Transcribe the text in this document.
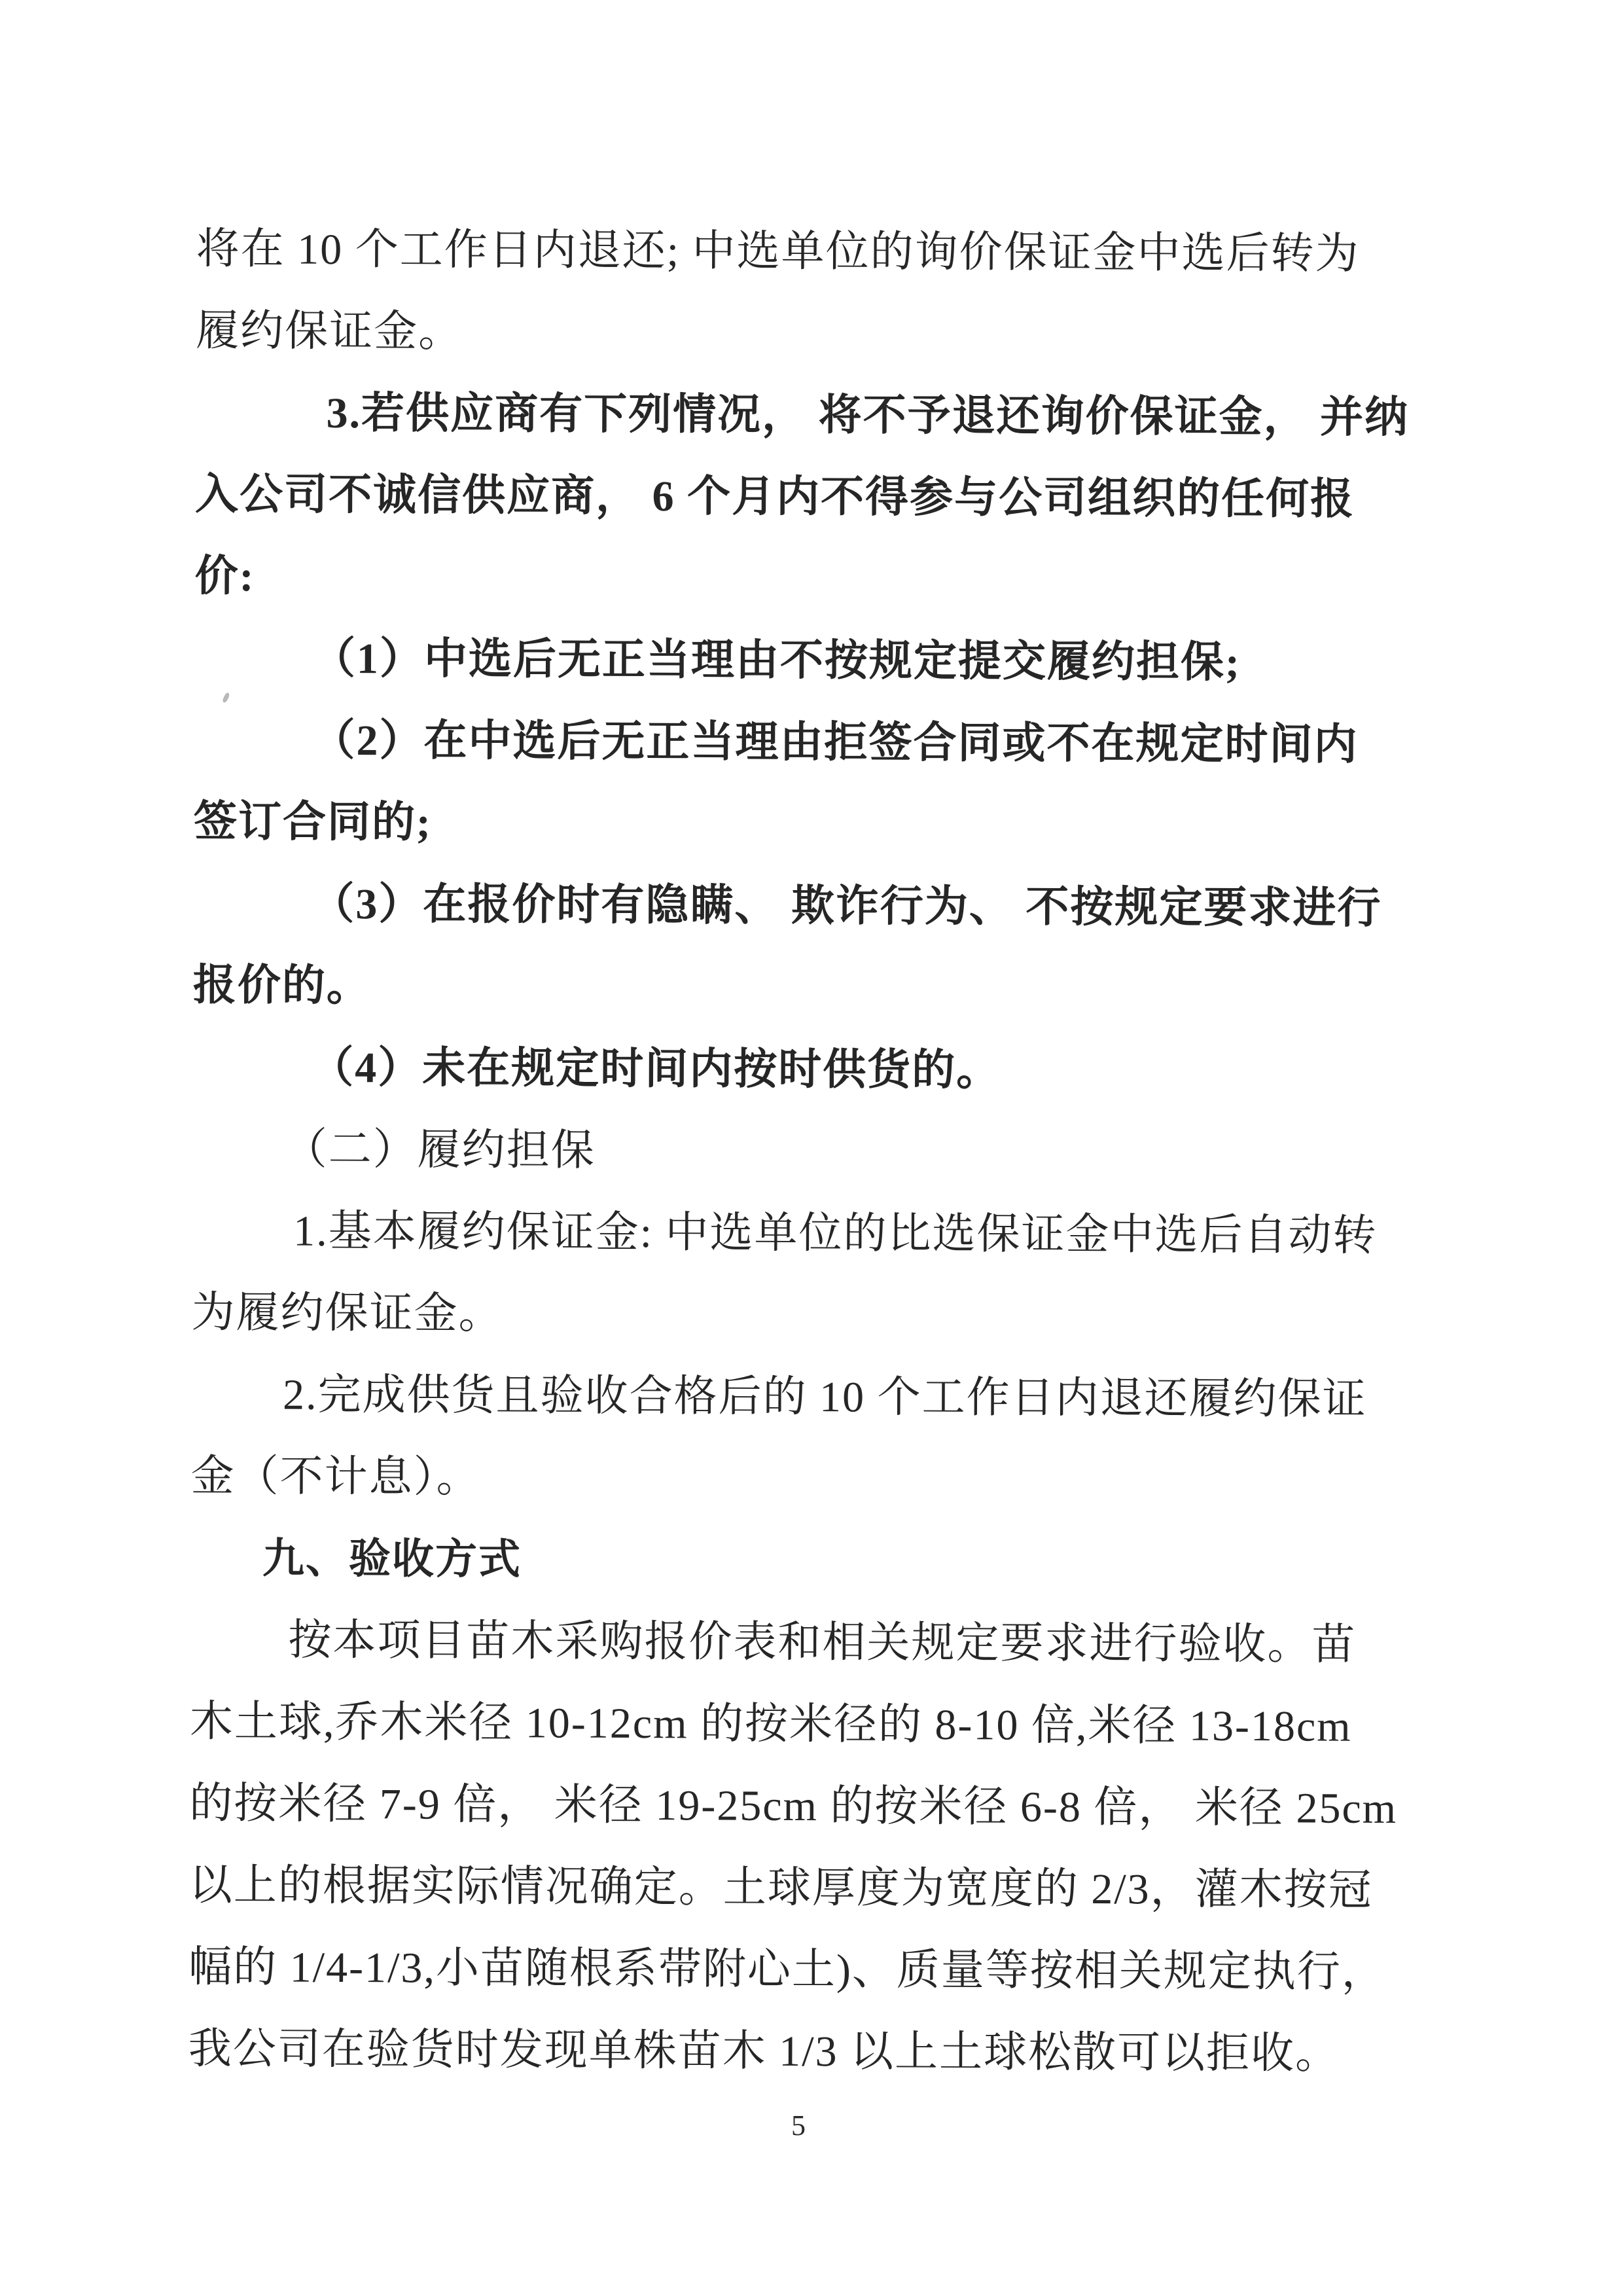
将在 10 个工作日内退还; 中选单位的询价保证金中选后转为
履约保证金。
3.若供应商有下列情况， 将不予退还询价保证金， 并纳
入公司不诚信供应商， 6 个月内不得参与公司组织的任何报
价:
（1）中选后无正当理由不按规定提交履约担保;
（2）在中选后无正当理由拒签合同或不在规定时间内
签订合同的;
（3）在报价时有隐瞒、 欺诈行为、 不按规定要求进行
报价的。
（4）未在规定时间内按时供货的。
（二）履约担保
1.基本履约保证金: 中选单位的比选保证金中选后自动转
为履约保证金。
2.完成供货且验收合格后的 10 个工作日内退还履约保证
金（不计息）。
九、验收方式
按本项目苗木采购报价表和相关规定要求进行验收。苗
木土球,乔木米径 10-12cm 的按米径的 8-10 倍,米径 13-18cm
的按米径 7-9 倍， 米径 19-25cm 的按米径 6-8 倍， 米径 25cm
以上的根据实际情况确定。土球厚度为宽度的 2/3，灌木按冠
幅的 1/4-1/3,小苗随根系带附心土)、质量等按相关规定执行，
我公司在验货时发现单株苗木 1/3 以上土球松散可以拒收。
5
